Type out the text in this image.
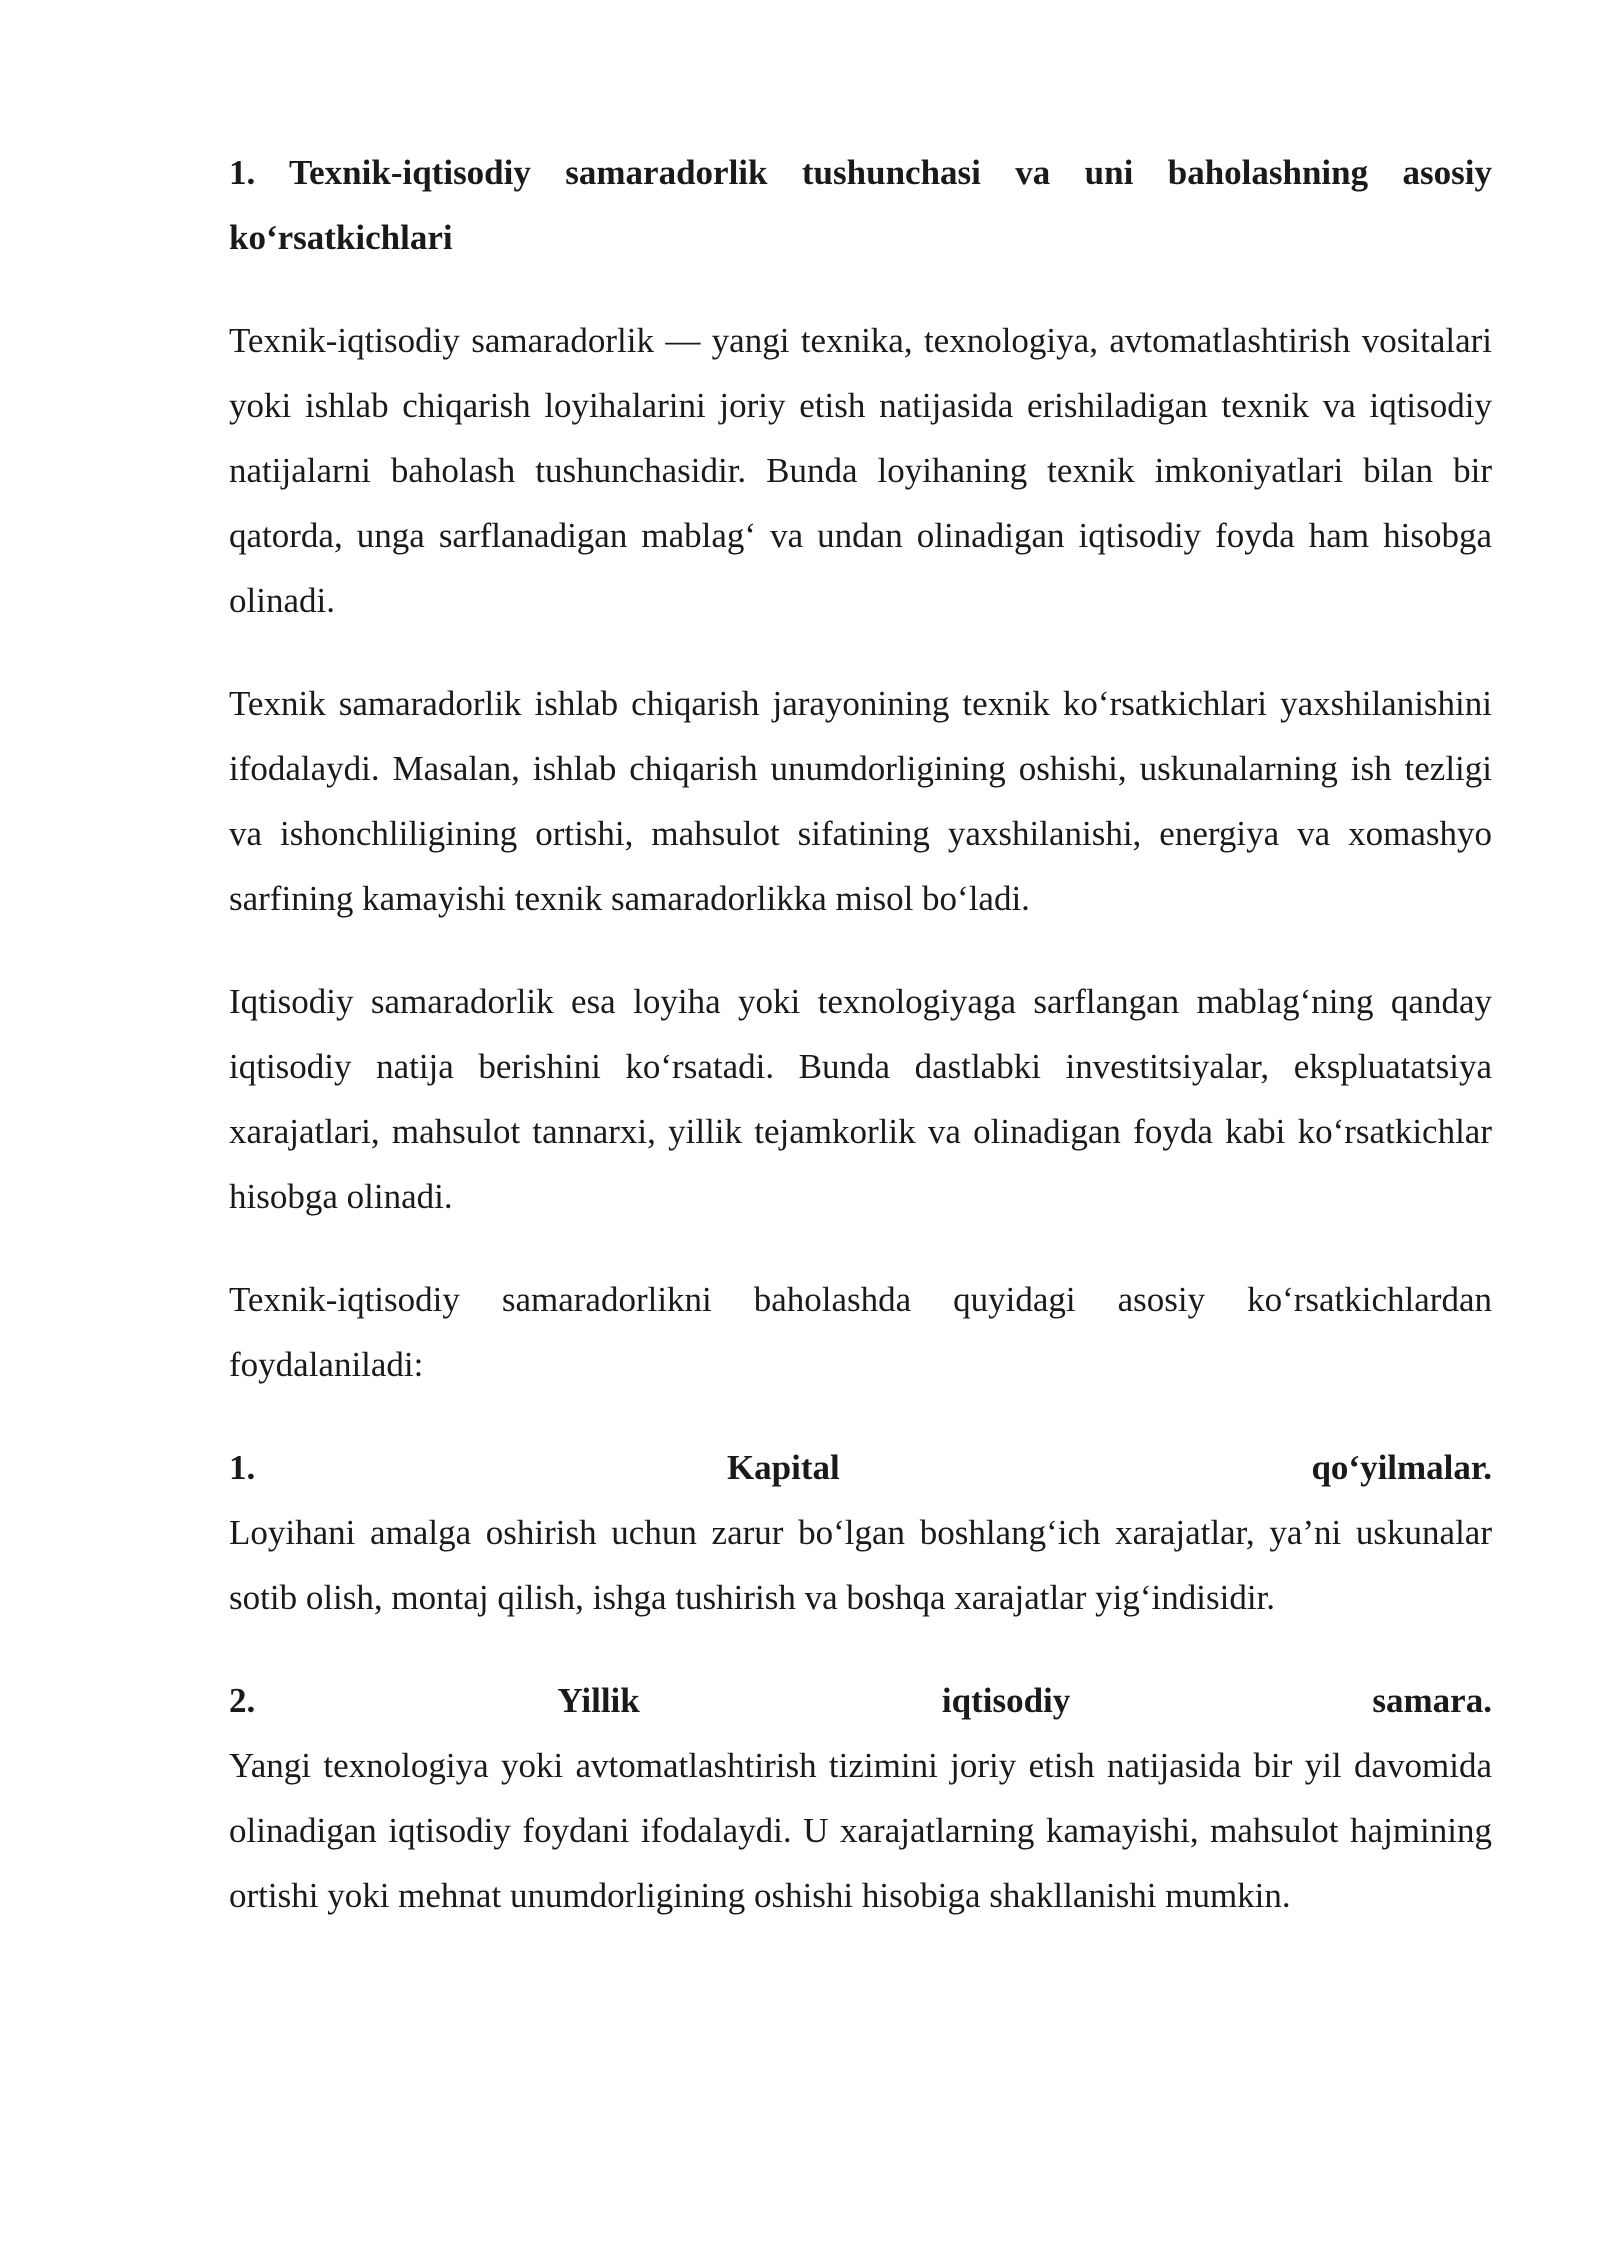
1. Texnik-iqtisodiy samaradorlik tushunchasi va uni baholashning asosiy ko‘rsatkichlari

Texnik-iqtisodiy samaradorlik — yangi texnika, texnologiya, avtomatlashtirish vositalari yoki ishlab chiqarish loyihalarini joriy etish natijasida erishiladigan texnik va iqtisodiy natijalarni baholash tushunchasidir. Bunda loyihaning texnik imkoniyatlari bilan bir qatorda, unga sarflanadigan mablag‘ va undan olinadigan iqtisodiy foyda ham hisobga olinadi.

Texnik samaradorlik ishlab chiqarish jarayonining texnik ko‘rsatkichlari yaxshilanishini ifodalaydi. Masalan, ishlab chiqarish unumdorligining oshishi, uskunalarning ish tezligi va ishonchliligining ortishi, mahsulot sifatining yaxshilanishi, energiya va xomashyo sarfining kamayishi texnik samaradorlikka misol bo‘ladi.

Iqtisodiy samaradorlik esa loyiha yoki texnologiyaga sarflangan mablag‘ning qanday iqtisodiy natija berishini ko‘rsatadi. Bunda dastlabki investitsiyalar, ekspluatatsiya xarajatlari, mahsulot tannarxi, yillik tejamkorlik va olinadigan foyda kabi ko‘rsatkichlar hisobga olinadi.

Texnik-iqtisodiy samaradorlikni baholashda quyidagi asosiy ko‘rsatkichlardan foydalaniladi:

1.	Kapital	qo‘yilmalar.
Loyihani amalga oshirish uchun zarur bo‘lgan boshlang‘ich xarajatlar, ya’ni uskunalar sotib olish, montaj qilish, ishga tushirish va boshqa xarajatlar yig‘indisidir.
2.	Yillik	iqtisodiy	samara.
Yangi texnologiya yoki avtomatlashtirish tizimini joriy etish natijasida bir yil davomida olinadigan iqtisodiy foydani ifodalaydi. U xarajatlarning kamayishi, mahsulot hajmining ortishi yoki mehnat unumdorligining oshishi hisobiga shakllanishi mumkin.
